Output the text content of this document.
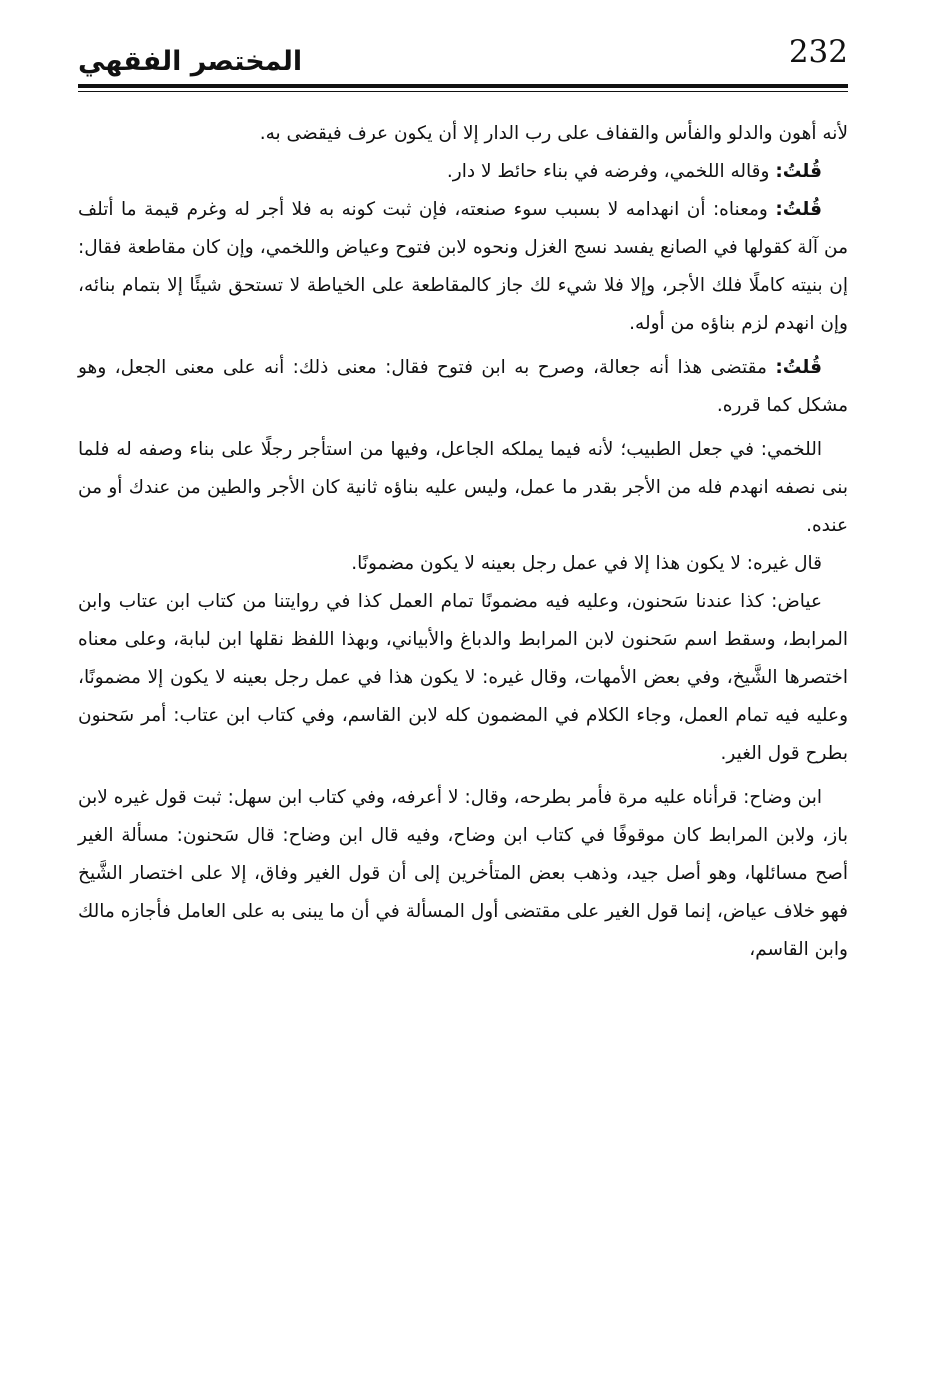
232
المختصر الفقهي

لأنه أهون والدلو والفأس والقفاف على رب الدار إلا أن يكون عرف فيقضى به.

قُلتُ: وقاله اللخمي، وفرضه في بناء حائط لا دار.

قُلتُ: ومعناه: أن انهدامه لا بسبب سوء صنعته، فإن ثبت كونه به فلا أجر له وغرم قيمة ما أتلف من آلة كقولها في الصانع يفسد نسج الغزل ونحوه لابن فتوح وعياض واللخمي، وإن كان مقاطعة فقال: إن بنيته كاملًا فلك الأجر، وإلا فلا شيء لك جاز كالمقاطعة على الخياطة لا تستحق شيئًا إلا بتمام بنائه، وإن انهدم لزم بناؤه من أوله.

قُلتُ: مقتضى هذا أنه جعالة، وصرح به ابن فتوح فقال: معنى ذلك: أنه على معنى الجعل، وهو مشكل كما قرره.

اللخمي: في جعل الطبيب؛ لأنه فيما يملكه الجاعل، وفيها من استأجر رجلًا على بناء وصفه له فلما بنى نصفه انهدم فله من الأجر بقدر ما عمل، وليس عليه بناؤه ثانية كان الأجر والطين من عندك أو من عنده.

قال غيره: لا يكون هذا إلا في عمل رجل بعينه لا يكون مضمونًا.

عياض: كذا عندنا سَحنون، وعليه فيه مضمونًا تمام العمل كذا في روايتنا من كتاب ابن عتاب وابن المرابط، وسقط اسم سَحنون لابن المرابط والدباغ والأبياني، وبهذا اللفظ نقلها ابن لبابة، وعلى معناه اختصرها الشَّيخ، وفي بعض الأمهات، وقال غيره: لا يكون هذا في عمل رجل بعينه لا يكون إلا مضمونًا، وعليه فيه تمام العمل، وجاء الكلام في المضمون كله لابن القاسم، وفي كتاب ابن عتاب: أمر سَحنون بطرح قول الغير.

ابن وضاح: قرأناه عليه مرة فأمر بطرحه، وقال: لا أعرفه، وفي كتاب ابن سهل: ثبت قول غيره لابن باز، ولابن المرابط كان موقوفًا في كتاب ابن وضاح، وفيه قال ابن وضاح: قال سَحنون: مسألة الغير أصح مسائلها، وهو أصل جيد، وذهب بعض المتأخرين إلى أن قول الغير وفاق، إلا على اختصار الشَّيخ فهو خلاف عياض، إنما قول الغير على مقتضى أول المسألة في أن ما يبنى به على العامل فأجازه مالك وابن القاسم،
